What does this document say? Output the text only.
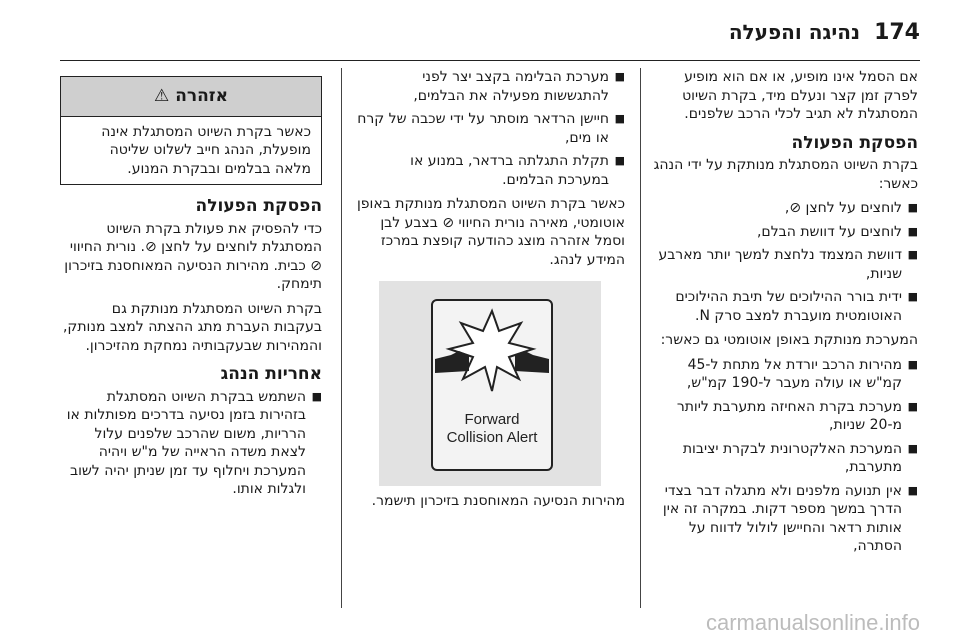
174
נהיגה והפעלה

אם הסמל אינו מופיע, או אם הוא מופיע לפרק זמן קצר ונעלם מיד, בקרת השיוט המסתגלת לא תגיב לכלי הרכב שלפנים.

הפסקת הפעולה

בקרת השיוט המסתגלת מנותקת על ידי הנהג כאשר:

■ לוחצים על לחצן ⊘,
■ לוחצים על דוושת הבלם,
■ דוושת המצמד נלחצת למשך יותר מארבע שניות,
■ ידית בורר ההילוכים של תיבת ההילוכים האוטומטית מועברת למצב סרק N.

המערכת מנותקת באופן אוטומטי גם כאשר:

■ מהירות הרכב יורדת אל מתחת ל-45 קמ"ש או עולה מעבר ל-190 קמ"ש,
■ מערכת בקרת האחיזה מתערבת ליותר מ-20 שניות,
■ המערכת האלקטרונית לבקרת יציבות מתערבת,
■ אין תנועה מלפנים ולא מתגלה דבר בצדי הדרך במשך מספר דקות. במקרה זה אין אותות רדאר והחיישן לולול לדווח על הסתרה,
■ מערכת הבלימה בקצב יצר לפני להתגששות מפעילה את הבלמים,
■ חיישן הרדאר מוסתר על ידי שכבה של קרח או מים,
■ תקלת התגלתה ברדאר, במנוע או במערכת הבלמים.

כאשר בקרת השיוט המסתגלת מנותקת באופן אוטומטי, מאירה נורית החיווי ⊘ בצבע לבן וסמל אזהרה מוצג כהודעה קופצת במרכז המידע לנהג.

Forward
Collision Alert

מהירות הנסיעה המאוחסנת בזיכרון תישמר.

אזהרה ⚠
כאשר בקרת השיוט המסתגלת אינה מופעלת, הנהג חייב לשלוט שליטה מלאה בבלמים ובבקרת המנוע.
הפסקת הפעולה

כדי להפסיק את פעולת בקרת השיוט המסתגלת לוחצים על לחצן ⊘. נורית החיווי ⊘ כבית. מהירות הנסיעה המאוחסנת בזיכרון תימחק.

בקרת השיוט המסתגלת מנותקת גם בעקבות העברת מתג ההצתה למצב מנותק, והמהירות שבעקבותיה נמחקת מהזיכרון.

אחריות הנהג
■ השתמש בבקרת השיוט המסתגלת בזהירות בזמן נסיעה בדרכים מפותלות או הרריות, משום שהרכב שלפנים עלול לצאת משדה הראייה של מ"ש ויהיה המערכת ויחלוף עד זמן שניתן יהיה לשוב ולגלות אותו.
carmanualsonline.info
